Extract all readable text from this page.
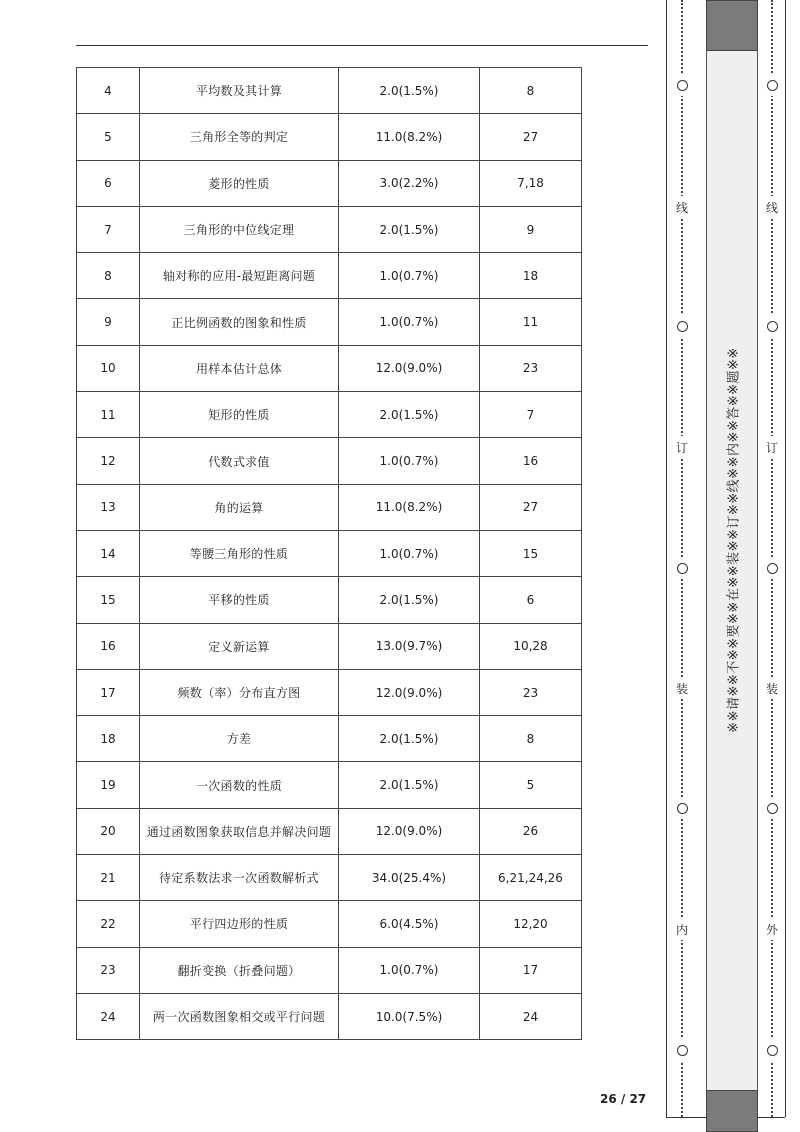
4	平均数及其计算	2.0(1.5%)	8
5	三角形全等的判定	11.0(8.2%)	27
6	菱形的性质	3.0(2.2%)	7,18
7	三角形的中位线定理	2.0(1.5%)	9
8	轴对称的应用-最短距离问题	1.0(0.7%)	18
9	正比例函数的图象和性质	1.0(0.7%)	11
10	用样本估计总体	12.0(9.0%)	23
11	矩形的性质	2.0(1.5%)	7
12	代数式求值	1.0(0.7%)	16
13	角的运算	11.0(8.2%)	27
14	等腰三角形的性质	1.0(0.7%)	15
15	平移的性质	2.0(1.5%)	6
16	定义新运算	13.0(9.7%)	10,28
17	频数（率）分布直方图	12.0(9.0%)	23
18	方差	2.0(1.5%)	8
19	一次函数的性质	2.0(1.5%)	5
20	通过函数图象获取信息并解决问题	12.0(9.0%)	26
21	待定系数法求一次函数解析式	34.0(25.4%)	6,21,24,26
22	平行四边形的性质	6.0(4.5%)	12,20
23	翻折变换（折叠问题）	1.0(0.7%)	17
24	两一次函数图象相交或平行问题	10.0(7.5%)	24
26 / 27
线
订
装
内
※※请※※不※※要※※在※※装※※订※※线※※内※※答※※题※※
线
订
装
外
